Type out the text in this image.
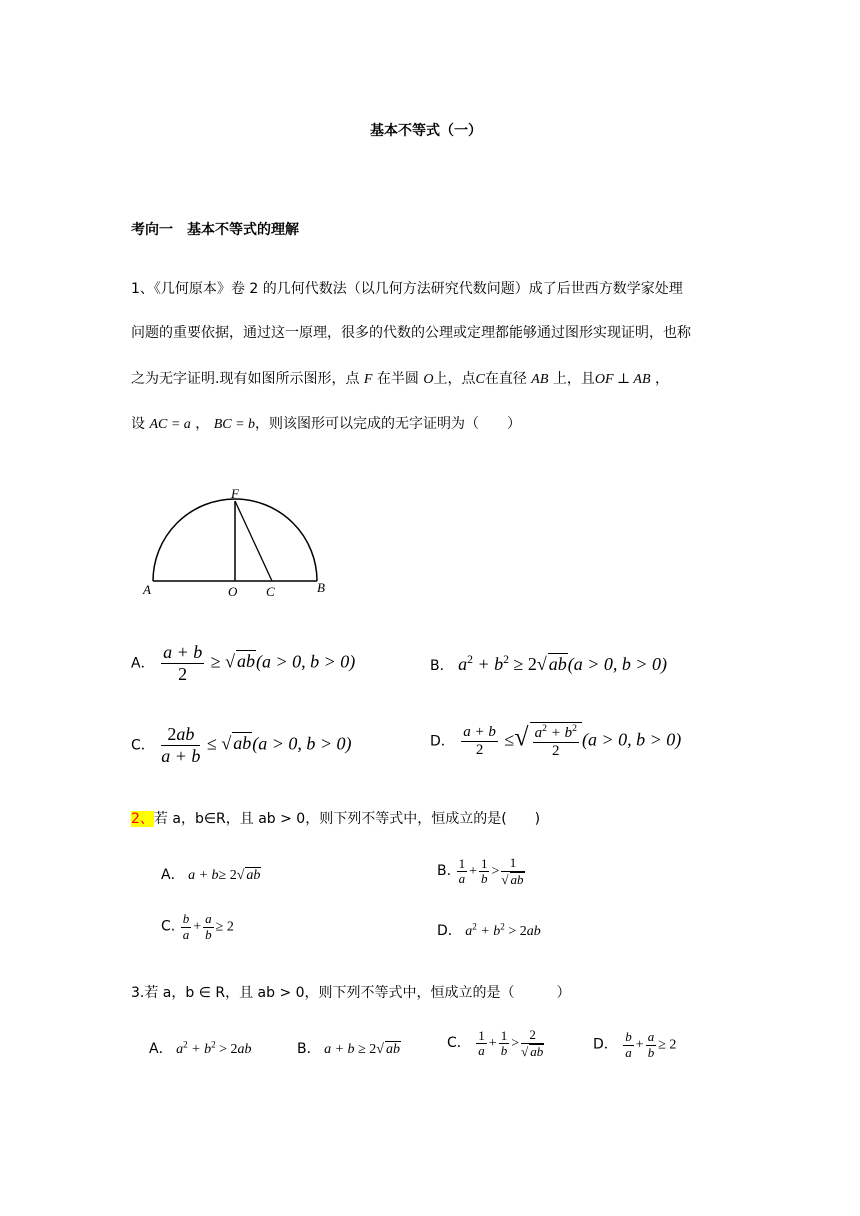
基本不等式（一）
考向一　基本不等式的理解
1、《几何原本》卷 2 的几何代数法（以几何方法研究代数问题）成了后世西方数学家处理
问题的重要依据，通过这一原理，很多的代数的公理或定理都能够通过图形实现证明，也称
之为无字证明.现有如图所示图形，点 F 在半圆 O上，点C在直径 AB 上，且OF ⊥ AB ，
设 AC = a ， BC = b，则该图形可以完成的无字证明为（　　）
F
A	O C	B
A． $\frac{a + b}{2}$ ≥ √ ab(a > 0, b > 0)	B． $a^2 + b^2 \ge 2√$ ab(a > 0, b > 0)
C． $\frac{2ab}{a + b}$ ≤ √ ab(a > 0, b > 0)	D． $\frac{a + b}{2}$ ≤√ $\frac{a^2 + b^2}{2} (a > 0$, b > 0)
2、若 a，b∈R，且 ab > 0，则下列不等式中，恒成立的是(　　)
A． a + b≥ 2√ ab	B. $\frac{1}{a} + \frac{1}{b} > \frac{1}{√ ab}$
C. $\frac{b}{a} + \frac{a}{b} \ge 2$	D． $a^2 + b^2 > 2ab$
3.若 a，b ∈ R，且 ab > 0，则下列不等式中，恒成立的是（　　　）
A． $a^2 + b^2 > 2ab$	B． a + b ≥ 2√ ab	C． $\frac{1}{a} + \frac{1}{b} > \frac{2}{√ ab}$	D． $\frac{b}{a} + \frac{a}{b} \ge 2$
